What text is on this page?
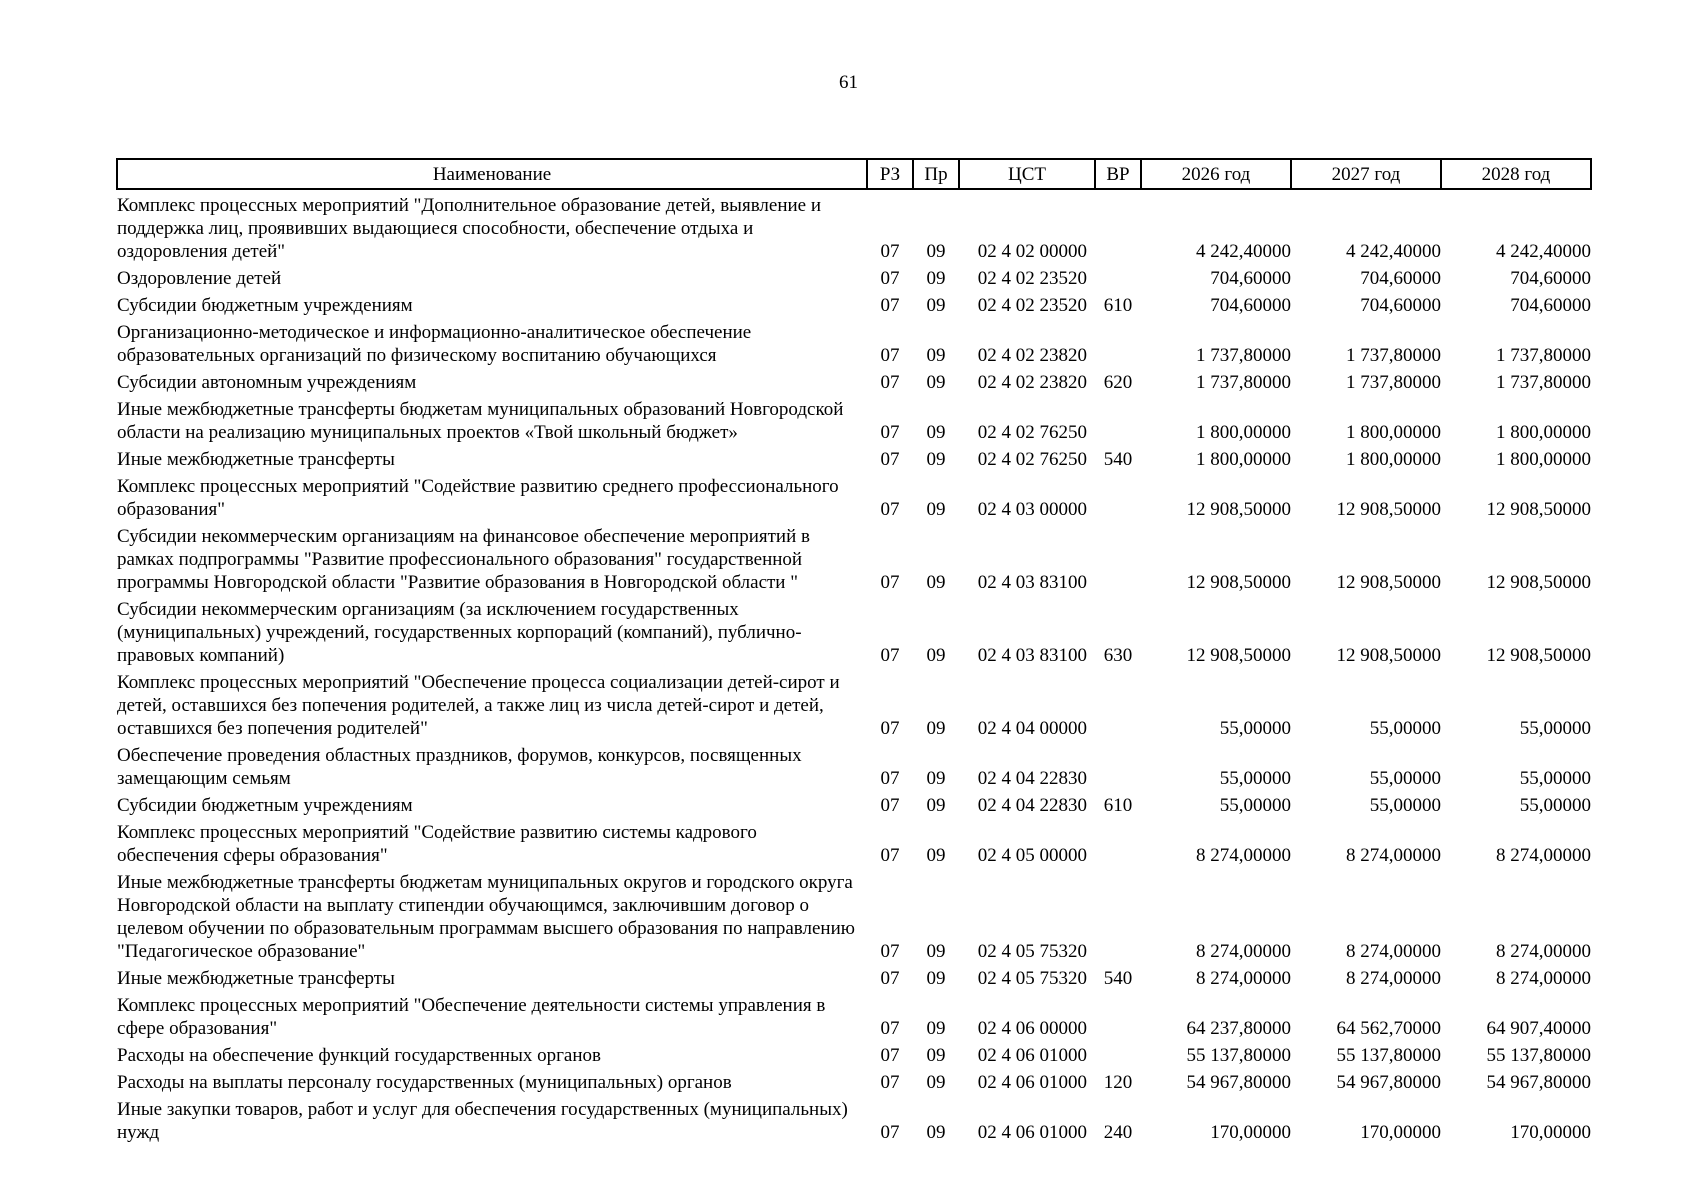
61
Наименование	РЗ	Пр	ЦСТ	ВР	2026 год	2027 год	2028 год
Комплекс процессных мероприятий "Дополнительное образование детей, выявление и поддержка лиц, проявивших выдающиеся способности, обеспечение отдыха и оздоровления детей"	07	09	02 4 02 00000		4 242,40000	4 242,40000	4 242,40000
Оздоровление детей	07	09	02 4 02 23520		704,60000	704,60000	704,60000
Субсидии бюджетным учреждениям	07	09	02 4 02 23520	610	704,60000	704,60000	704,60000
Организационно-методическое и информационно-аналитическое обеспечение образовательных организаций по физическому воспитанию обучающихся	07	09	02 4 02 23820		1 737,80000	1 737,80000	1 737,80000
Субсидии автономным учреждениям	07	09	02 4 02 23820	620	1 737,80000	1 737,80000	1 737,80000
Иные межбюджетные трансферты бюджетам муниципальных образований Новгородской области на реализацию муниципальных проектов «Твой школьный бюджет»	07	09	02 4 02 76250		1 800,00000	1 800,00000	1 800,00000
Иные межбюджетные трансферты	07	09	02 4 02 76250	540	1 800,00000	1 800,00000	1 800,00000
Комплекс процессных мероприятий "Содействие развитию среднего профессионального образования"	07	09	02 4 03 00000		12 908,50000	12 908,50000	12 908,50000
Субсидии некоммерческим организациям на финансовое обеспечение мероприятий в рамках подпрограммы "Развитие профессионального образования" государственной программы Новгородской области "Развитие образования в Новгородской области "	07	09	02 4 03 83100		12 908,50000	12 908,50000	12 908,50000
Субсидии некоммерческим организациям (за исключением государственных (муниципальных) учреждений, государственных корпораций (компаний), публично-правовых компаний)	07	09	02 4 03 83100	630	12 908,50000	12 908,50000	12 908,50000
Комплекс процессных мероприятий "Обеспечение процесса социализации детей-сирот и детей, оставшихся без попечения родителей, а также лиц из числа детей-сирот и детей, оставшихся без попечения родителей"	07	09	02 4 04 00000		55,00000	55,00000	55,00000
Обеспечение проведения областных праздников, форумов, конкурсов, посвященных замещающим семьям	07	09	02 4 04 22830		55,00000	55,00000	55,00000
Субсидии бюджетным учреждениям	07	09	02 4 04 22830	610	55,00000	55,00000	55,00000
Комплекс процессных мероприятий "Содействие развитию системы кадрового обеспечения сферы образования"	07	09	02 4 05 00000		8 274,00000	8 274,00000	8 274,00000
Иные межбюджетные трансферты бюджетам муниципальных округов и городского округа Новгородской области на выплату стипендии обучающимся, заключившим договор о целевом обучении по образовательным программам высшего образования по направлению "Педагогическое образование"	07	09	02 4 05 75320		8 274,00000	8 274,00000	8 274,00000
Иные межбюджетные трансферты	07	09	02 4 05 75320	540	8 274,00000	8 274,00000	8 274,00000
Комплекс процессных мероприятий "Обеспечение деятельности системы управления в сфере образования"	07	09	02 4 06 00000		64 237,80000	64 562,70000	64 907,40000
Расходы на обеспечение функций государственных органов	07	09	02 4 06 01000		55 137,80000	55 137,80000	55 137,80000
Расходы на выплаты персоналу государственных (муниципальных) органов	07	09	02 4 06 01000	120	54 967,80000	54 967,80000	54 967,80000
Иные закупки товаров, работ и услуг для обеспечения государственных (муниципальных) нужд	07	09	02 4 06 01000	240	170,00000	170,00000	170,00000
